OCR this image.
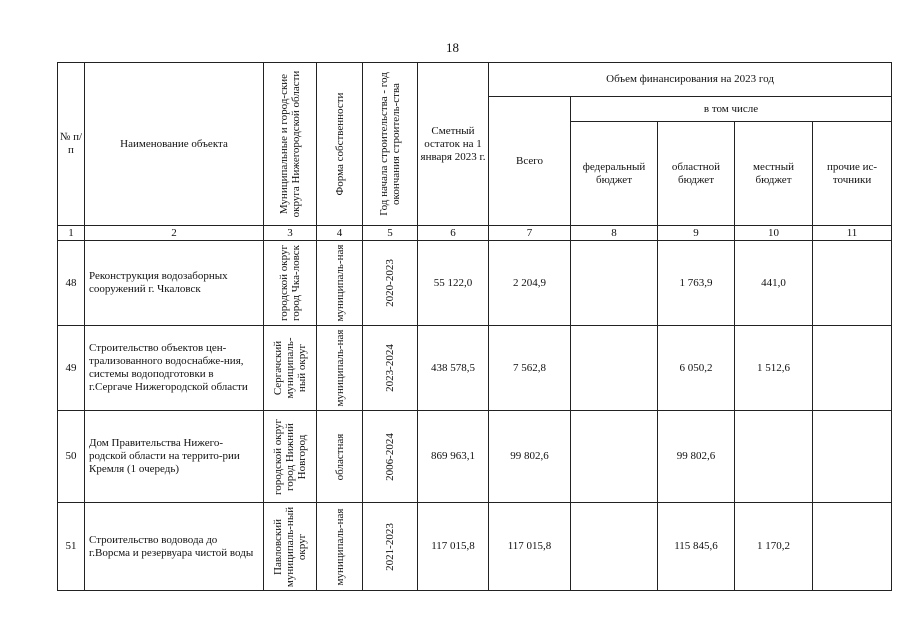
18
№ п/п	Наименование объекта	Муниципальные и город-ские округа Нижегородской области	Форма собственности	Год начала строительства - год окончания строитель-ства	Сметный остаток на 1 января 2023 г.	Объем финансирования на 2023 год				
						Всего	в том числе			
							федеральный бюджет	областной бюджет	местный бюджет	прочие ис-точники
1	2	3	4	5	6	7	8	9	10	11
48	Реконструкция водозаборных сооружений г. Чкаловск	городской округ город Чка-ловск	муниципаль-ная	2020-2023	55 122,0	2 204,9		1 763,9	441,0	
49	Строительство объектов цен-трализованного водоснабже-ния, системы водоподготовки в г.Сергаче Нижегородской области	Сергачский муниципаль-ный округ	муниципаль-ная	2023-2024	438 578,5	7 562,8		6 050,2	1 512,6	
50	Дом Правительства Нижего-родской области на террито-рии Кремля (1 очередь)	городской округ город Нижний Новгород	областная	2006-2024	869 963,1	99 802,6		99 802,6		
51	Строительство водовода до г.Ворсма и резервуара чистой воды	Павловский муниципаль-ный округ	муниципаль-ная	2021-2023	117 015,8	117 015,8		115 845,6	1 170,2	
